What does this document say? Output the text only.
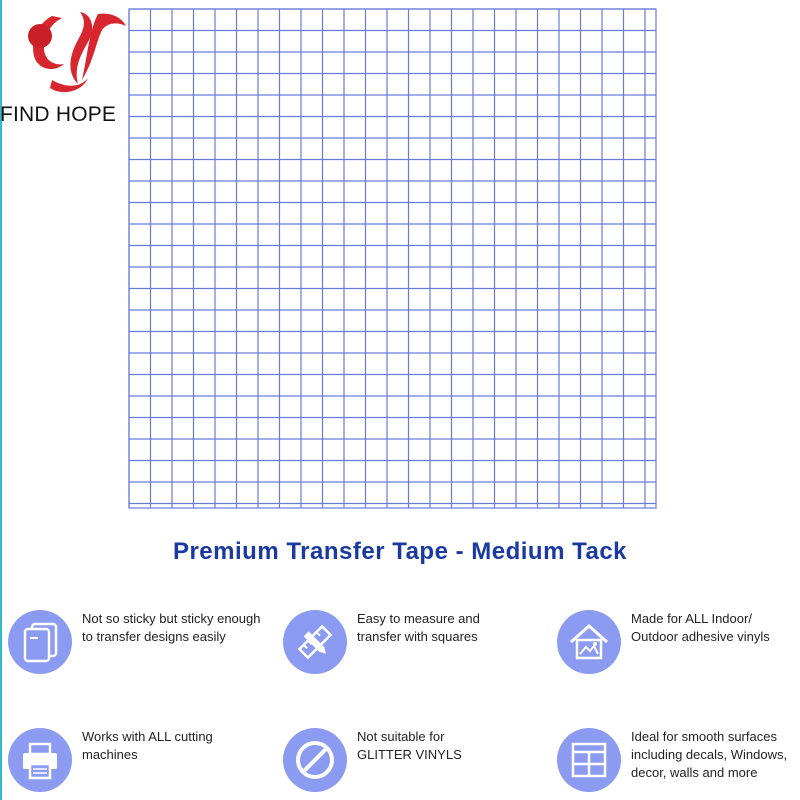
FIND HOPE
Premium Transfer Tape - Medium Tack
Not so sticky but sticky enough
to transfer designs easily
Easy to measure and
transfer with squares
Made for ALL Indoor/
Outdoor adhesive vinyls
Works with ALL cutting
machines
Not suitable for
GLITTER VINYLS
Ideal for smooth surfaces
including decals, Windows,
decor, walls and more
